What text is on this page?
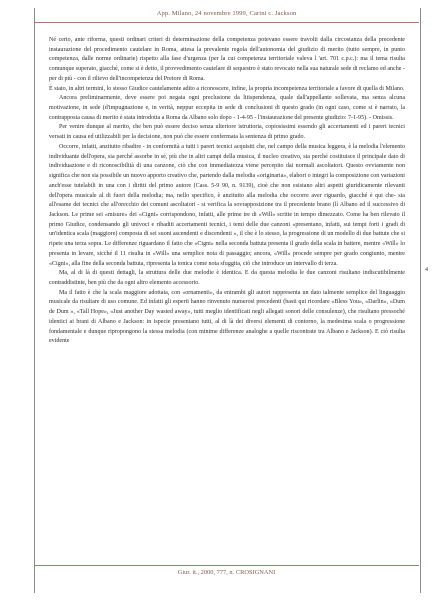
App. Milano, 24 novembre 1999, Carini c. Jackson

Né certo, ante riforma, questi ordinari criteri di determinazione della competenza potevano essere travolti dalla circostanza della precedente instaurazione del procedimento cautelare in Roma, attesa la prevalente regola dell'autonomia del giudizio di merito (tutto sempre, in punto competenza, dalle norme ordinarie) rispetto alla fase d'urgenza (per la cui competenza territoriale valeva l 'art. 701 c.p.c.): ma il tema risulta comunque superato, giacché, come si è detto, il provvedimento cautelare di sequestro è stato revocato nella sua naturale sede di reclamo ed anche - per di più - con il rilievo dell'incompetenza del Pretore di Roma.

È stato, in altri termini, lo stesso Giudice cautelamente adito a riconoscere, infine, la propria incompetenza territoriale a favore di quella di Milano.

Ancora preliminarmente, deve essere poi negata ogni preclusione da litispendenza, quale dall'appellante sollevata, ma senza alcuna motivazione, in sede (d'impugnazione e, in verità, neppur eccepita in sede di conclusioni di questo grado (in ogni caso, come si è narrato, la contrapposta causa di merito è stata introdotta a Roma da Albano solo dopo - 1-4-95 - l'instaurazione del presente giudizio: 7-1-95). - Omissis.

Per venire dunque al merito, che ben può essere deciso senza ulteriore istruttoria, copiosissimi essendo gli accertamenti ed i pareri tecnici versati in causa ed utilizzabili per la decisione, non può che essere confermata la sentenza di primo grado.

Occorre, infatti, anzitutto ribadire - in conformità a tutti i pareri tecnici acquisiti che, nel campo della musica leggera, è la melodia l'elemento individuante dell'opera, sia perché assorbe in sé, più che in altri campi della musica, il nucleo creativo, sia perché costituisce il principale dato di individuazione e di riconoscibilità di una canzone, ciò che con immediatezza viene percepito dai normali ascoltatori. Questo ovviamente non significa che non sia possibile un nuovo apporto creativo che, partendo dalla melodia «originaria», elabori o integri la composizione con variazioni anch'esse tutelabili in una con i diritti del primo autore (Cass. 5-9 90, n. 9139), cioè che non esistano altri aspetti giuridicamente rilevanti dell'opera musicale al di fuori della melodia; ma, nello specifico, è anzitutto alla melodia che occorre aver riguardo, giacché è qui che- sia all'esame dei tecnici che all'orecchio dei comuni ascoltatori - si verifica la sovrapposizione tra il precedente brano (lì Albano ed il successivo di Jackson. Le prime sei «misure» dei «Cigni» corrispondono, infatti, alle prime tre di «Will» scritte in tempo dimezzato. Come ha ben rilevato il primo Giudice, condensando gli univoci e ribaditi accertamenti tecnici, i temi delle due canzoni «presentano, infatti, sui tempi forti i gradi di un'identica scala (maggiore) composta di sei suoni ascendenti e discendenti », il che è lo stesso, la progressione di un modello di due battute che si ripete una terza sopra. Le differenze riguardano il fatto che «Cigni» nella seconda battuta presenta il grado della scala in battere, mentre «Will» lo presenta in levare, sicché il 11 risulta in «Will» una semplice nota di passaggio; ancora, «Will» procede sempre per grado congiunto, mentre «Cigni», alla fine della seconda battuta, ripresenta la tonica come nota sfuggita, ciò che introduce un intervallo di terza.

Ma, al di là di questi dettagli, la struttura delle due melodie è identica. E da questa melodia le due canzoni risultano indiscutibilmente contraddistinte, ben più che da ogni altro elemento accessorio.

Ma il fatto è che la scala maggiore adottata, con «ornamenti», da entrambi gli autori rappresenta un dato talmente semplice del linguaggio musicale da risultare di uso comune. Ed infatti gli esperti hanno rinvenuto numerosi precedenti (basti qui ricordare «Bless You», «Darlin», «Dum de Dum », «Tall Hope», «Just another Day wasted away», tutti meglio identificati negli allegati sonori delle consulenze), che risultano pressoché identici ai brani di Albano e Jackson: in ispecie presentano tutti, al di là dei diversi elementi di contorno, la medesima scala o progressione fondamentale e dunque ripropongono la stessa melodia (con minime differenze analoghe a quelle riscontrate tra Albano e Jackson). E ciò risulta evidente

4
Giur. it., 2000, 777, n. CROSIGNANI
